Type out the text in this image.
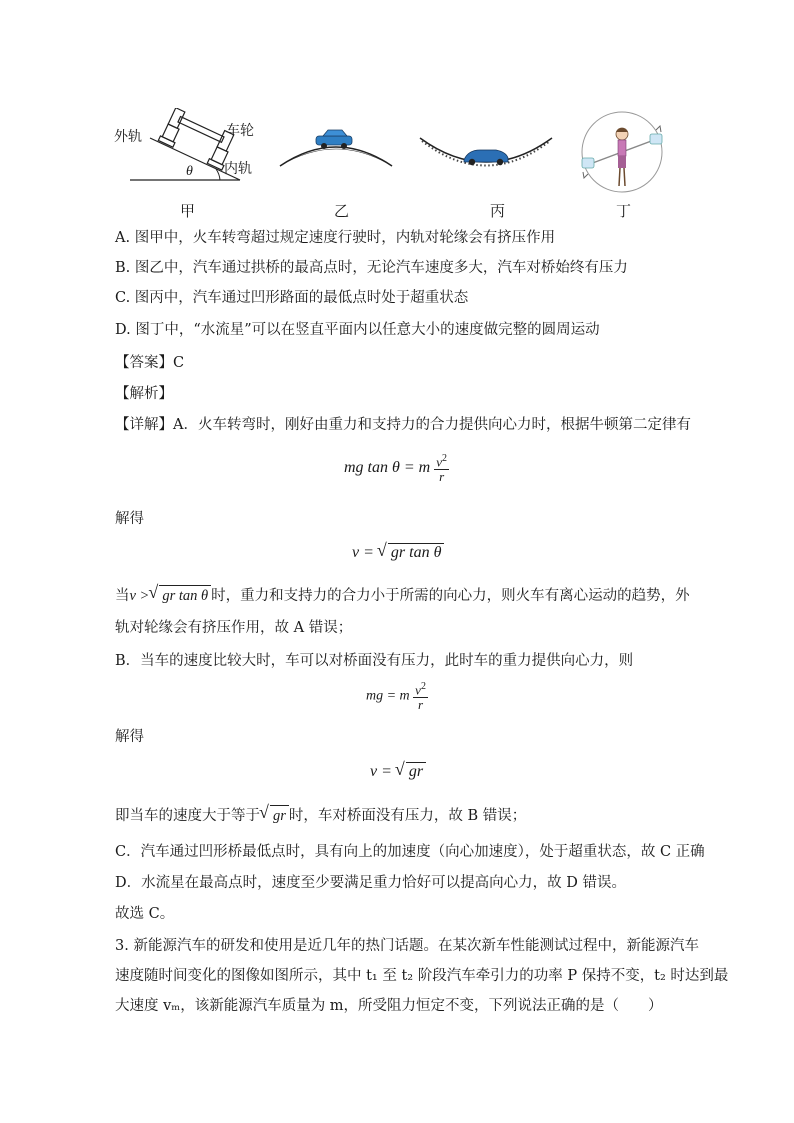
外轨	车轮
内轨
θ
甲	乙	丙	丁
A. 图甲中，火车转弯超过规定速度行驶时，内轨对轮缘会有挤压作用
B. 图乙中，汽车通过拱桥的最高点时，无论汽车速度多大，汽车对桥始终有压力
C. 图丙中，汽车通过凹形路面的最低点时处于超重状态
D. 图丁中，“水流星”可以在竖直平面内以任意大小的速度做完整的圆周运动
【答案】C
【解析】
【详解】A．火车转弯时，刚好由重力和支持力的合力提供向心力时，根据牛顿第二定律有
mg tan θ = m $\frac{v^2}{r}$
解得
v = √ gr tan θ
当v > √ gr tan θ 时，重力和支持力的合力小于所需的向心力，则火车有离心运动的趋势，外
轨对轮缘会有挤压作用，故 A 错误；
B．当车的速度比较大时，车可以对桥面没有压力，此时车的重力提供向心力，则
mg = m $\frac{v^2}{r}$
解得
v = √ gr
即当车的速度大于等于 √ gr 时，车对桥面没有压力，故 B 错误；
C．汽车通过凹形桥最低点时，具有向上的加速度（向心加速度），处于超重状态，故 C 正确
D．水流星在最高点时，速度至少要满足重力恰好可以提高向心力，故 D 错误。
故选 C。
3. 新能源汽车的研发和使用是近几年的热门话题。在某次新车性能测试过程中，新能源汽车
速度随时间变化的图像如图所示，其中 t₁ 至 t₂ 阶段汽车牵引力的功率 P 保持不变，t₂ 时达到最
大速度 vₘ，该新能源汽车质量为 m，所受阻力恒定不变，下列说法正确的是（　　）
